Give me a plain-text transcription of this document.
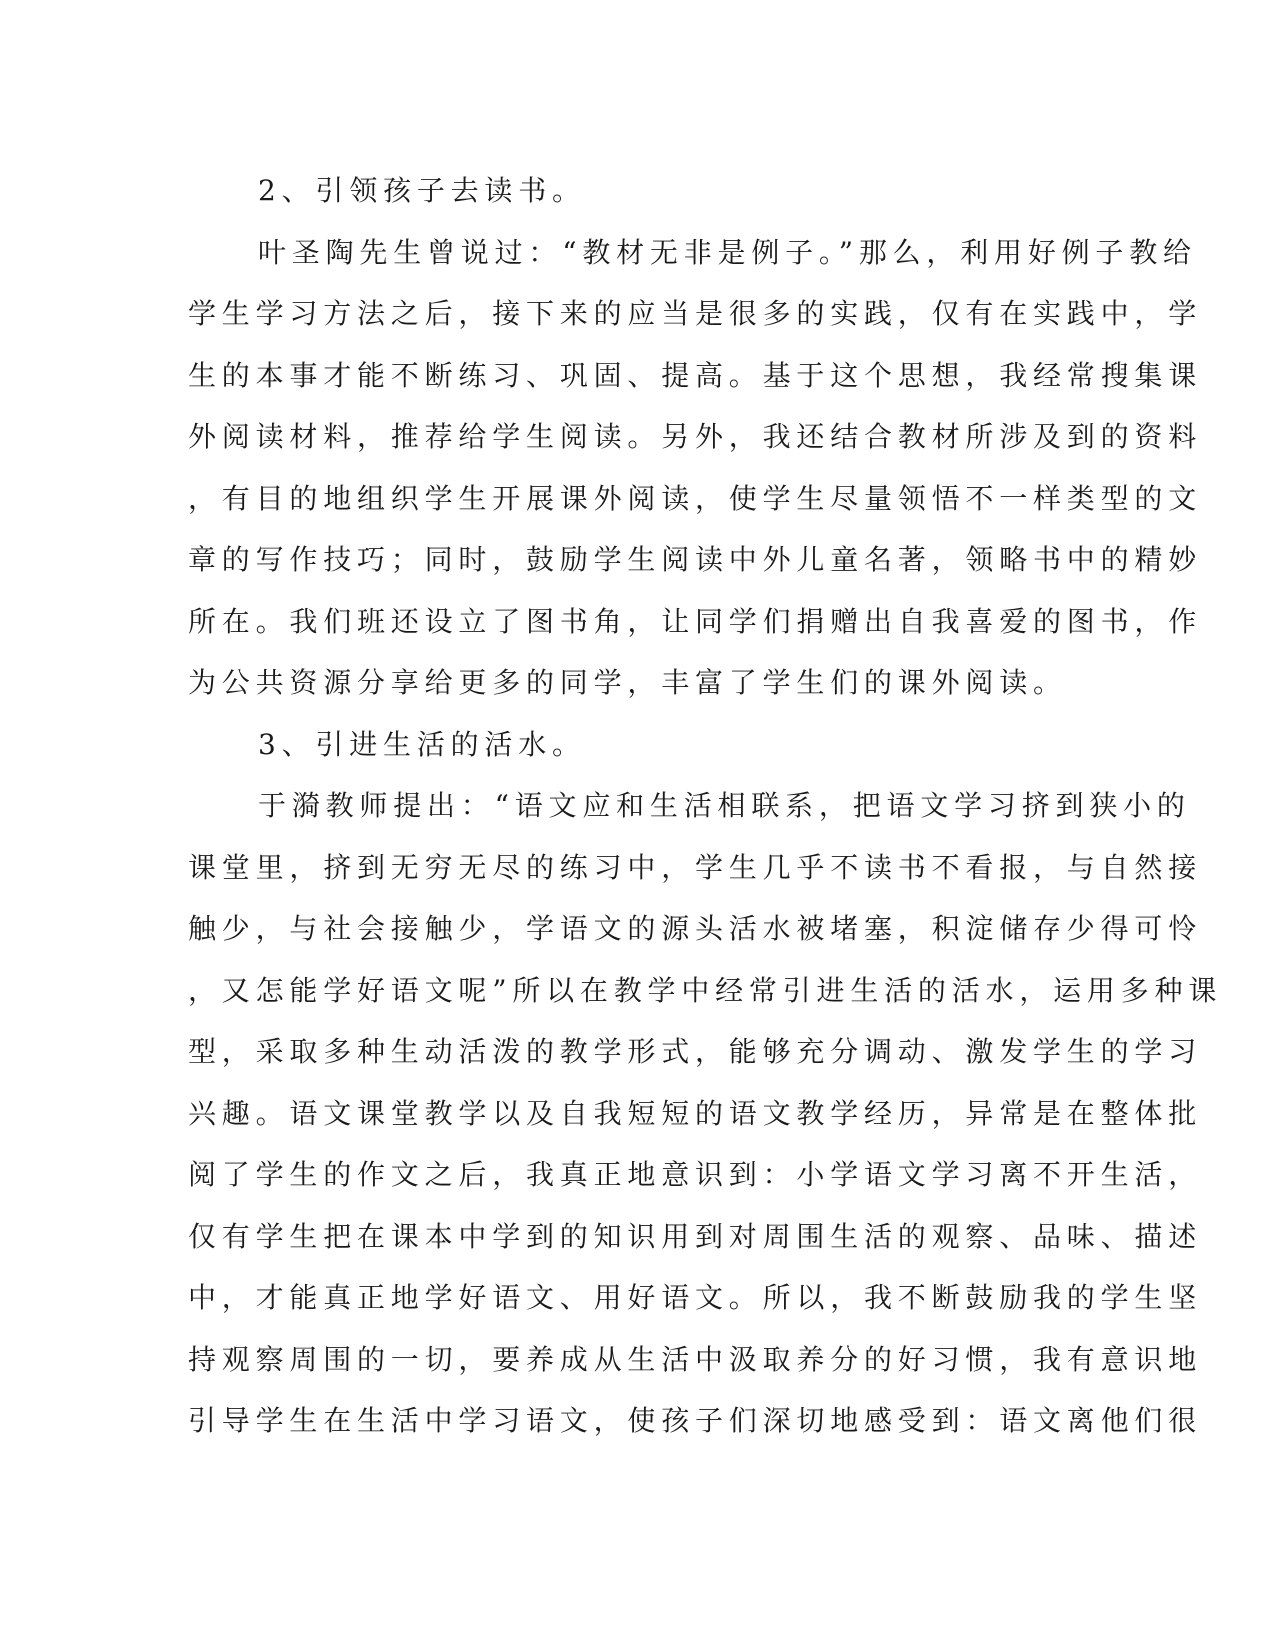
2、引领孩子去读书。
叶圣陶先生曾说过：“教材无非是例子。”那么，利用好例子教给
学生学习方法之后，接下来的应当是很多的实践，仅有在实践中，学
生的本事才能不断练习、巩固、提高。基于这个思想，我经常搜集课
外阅读材料，推荐给学生阅读。另外，我还结合教材所涉及到的资料
，有目的地组织学生开展课外阅读，使学生尽量领悟不一样类型的文
章的写作技巧；同时，鼓励学生阅读中外儿童名著，领略书中的精妙
所在。我们班还设立了图书角，让同学们捐赠出自我喜爱的图书，作
为公共资源分享给更多的同学，丰富了学生们的课外阅读。
3、引进生活的活水。
于漪教师提出：“语文应和生活相联系，把语文学习挤到狭小的
课堂里，挤到无穷无尽的练习中，学生几乎不读书不看报，与自然接
触少，与社会接触少，学语文的源头活水被堵塞，积淀储存少得可怜
，又怎能学好语文呢”所以在教学中经常引进生活的活水，运用多种课
型，采取多种生动活泼的教学形式，能够充分调动、激发学生的学习
兴趣。语文课堂教学以及自我短短的语文教学经历，异常是在整体批
阅了学生的作文之后，我真正地意识到：小学语文学习离不开生活，
仅有学生把在课本中学到的知识用到对周围生活的观察、品味、描述
中，才能真正地学好语文、用好语文。所以，我不断鼓励我的学生坚
持观察周围的一切，要养成从生活中汲取养分的好习惯，我有意识地
引导学生在生活中学习语文，使孩子们深切地感受到：语文离他们很
